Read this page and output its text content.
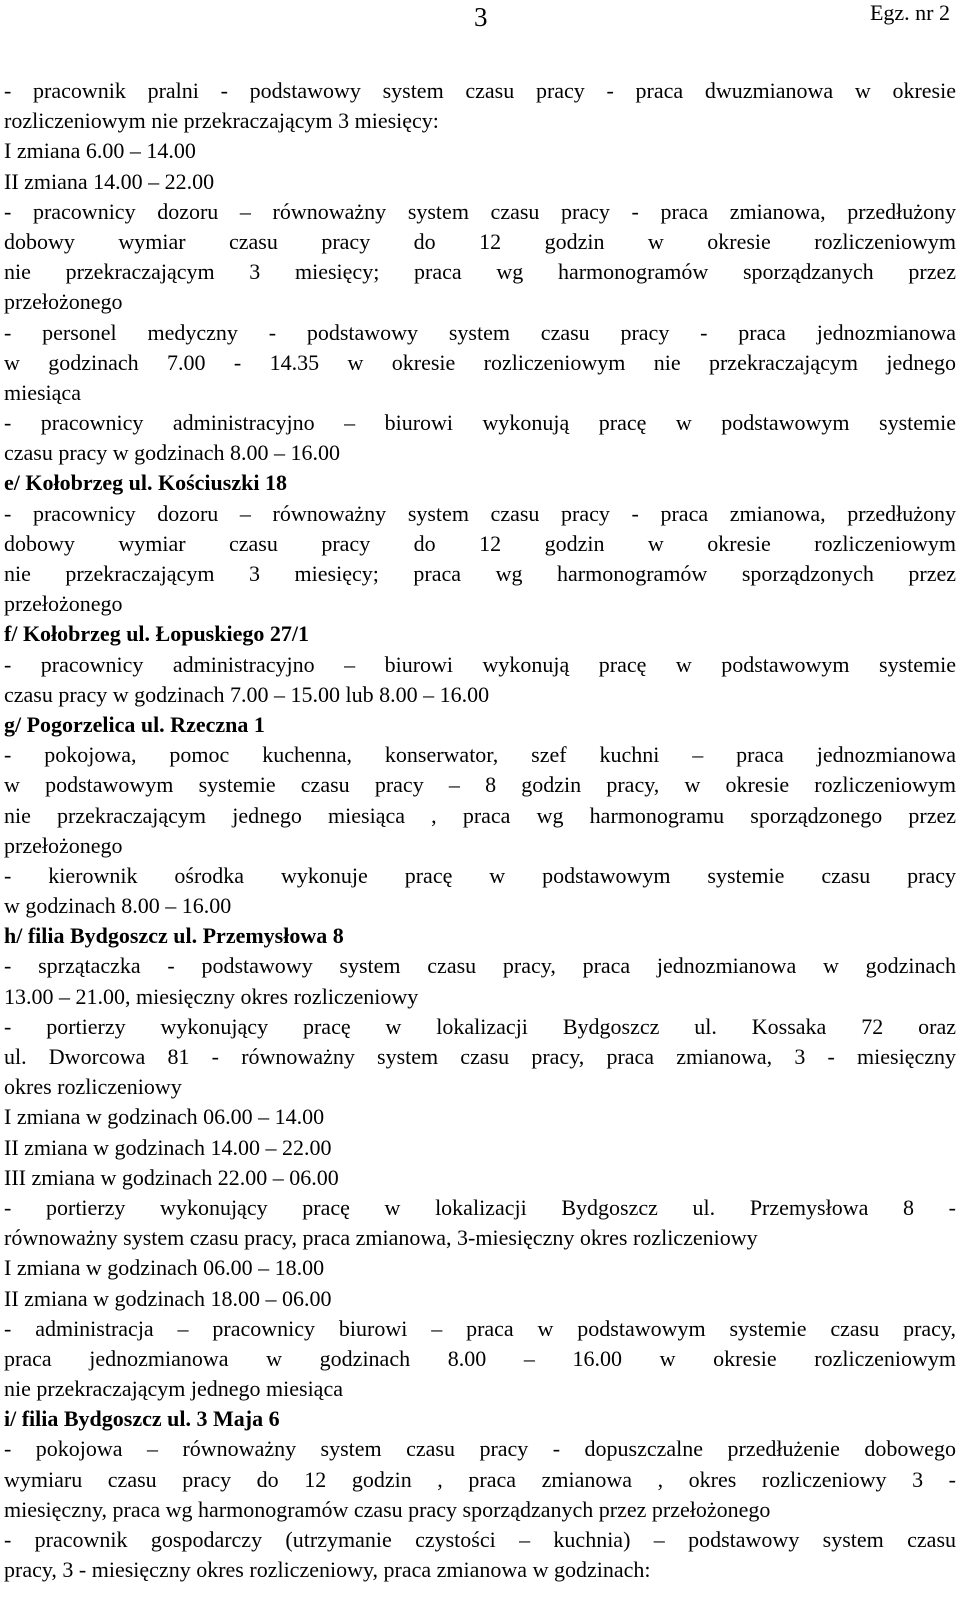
3	Egz. nr 2
- pracownik pralni - podstawowy system czasu pracy - praca dwuzmianowa w okresie
rozliczeniowym nie przekraczającym 3 miesięcy:
I zmiana 6.00 – 14.00
II zmiana 14.00 – 22.00
- pracownicy dozoru – równoważny system czasu pracy - praca zmianowa, przedłużony
dobowy wymiar czasu pracy do 12 godzin w okresie rozliczeniowym
nie przekraczającym 3 miesięcy; praca wg harmonogramów sporządzanych przez
przełożonego
- personel medyczny - podstawowy system czasu pracy - praca jednozmianowa
w godzinach 7.00 - 14.35 w okresie rozliczeniowym nie przekraczającym jednego
miesiąca
- pracownicy administracyjno – biurowi wykonują pracę w podstawowym systemie
czasu pracy w godzinach 8.00 – 16.00
e/ Kołobrzeg ul. Kościuszki 18
- pracownicy dozoru – równoważny system czasu pracy - praca zmianowa, przedłużony
dobowy wymiar czasu pracy do 12 godzin w okresie rozliczeniowym
nie przekraczającym 3 miesięcy; praca wg harmonogramów sporządzonych przez
przełożonego
f/ Kołobrzeg ul. Łopuskiego 27/1
- pracownicy administracyjno – biurowi wykonują pracę w podstawowym systemie
czasu pracy w godzinach 7.00 – 15.00 lub 8.00 – 16.00
g/ Pogorzelica ul. Rzeczna 1
- pokojowa, pomoc kuchenna, konserwator, szef kuchni – praca jednozmianowa
w podstawowym systemie czasu pracy – 8 godzin pracy, w okresie rozliczeniowym
nie przekraczającym jednego miesiąca , praca wg harmonogramu sporządzonego przez
przełożonego
- kierownik ośrodka wykonuje pracę w podstawowym systemie czasu pracy
w godzinach 8.00 – 16.00
h/ filia Bydgoszcz ul. Przemysłowa 8
- sprzątaczka - podstawowy system czasu pracy, praca jednozmianowa w godzinach
13.00 – 21.00, miesięczny okres rozliczeniowy
- portierzy wykonujący pracę w lokalizacji Bydgoszcz ul. Kossaka 72 oraz
ul. Dworcowa 81 - równoważny system czasu pracy, praca zmianowa, 3 - miesięczny
okres rozliczeniowy
I zmiana w godzinach 06.00 – 14.00
II zmiana w godzinach 14.00 – 22.00
III zmiana w godzinach 22.00 – 06.00
- portierzy wykonujący pracę w lokalizacji Bydgoszcz ul. Przemysłowa 8 -
równoważny system czasu pracy, praca zmianowa, 3-miesięczny okres rozliczeniowy
I zmiana w godzinach 06.00 – 18.00
II zmiana w godzinach 18.00 – 06.00
- administracja – pracownicy biurowi – praca w podstawowym systemie czasu pracy,
praca jednozmianowa w godzinach 8.00 – 16.00 w okresie rozliczeniowym
nie przekraczającym jednego miesiąca
i/ filia Bydgoszcz ul. 3 Maja 6
- pokojowa – równoważny system czasu pracy - dopuszczalne przedłużenie dobowego
wymiaru czasu pracy do 12 godzin , praca zmianowa , okres rozliczeniowy 3 -
miesięczny, praca wg harmonogramów czasu pracy sporządzanych przez przełożonego
- pracownik gospodarczy (utrzymanie czystości – kuchnia) – podstawowy system czasu
pracy, 3 - miesięczny okres rozliczeniowy, praca zmianowa w godzinach:
